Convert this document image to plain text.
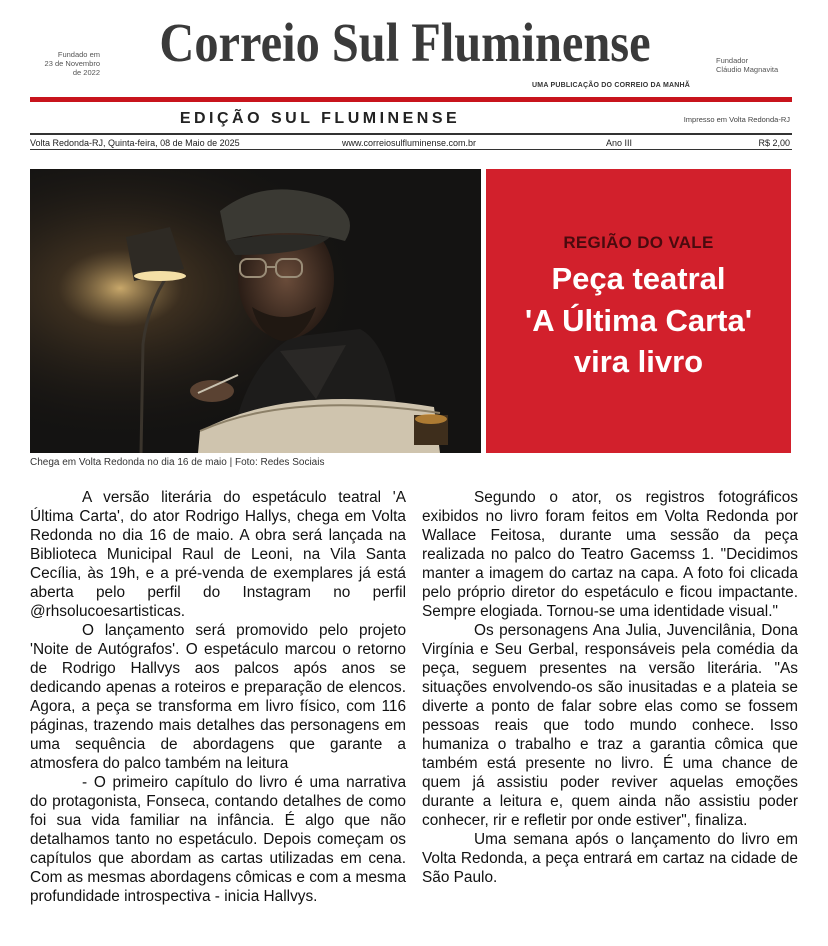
Fundado em
23 de Novembro
de 2022	Correio Sul Fluminense
UMA PUBLICAÇÃO DO CORREIO DA MANHÃ
Fundador
Cláudio Magnavita
EDIÇÃO SUL FLUMINENSE	Impresso em Volta Redonda-RJ
Volta Redonda-RJ, Quinta-feira, 08 de Maio de 2025	www.correiosulfluminense.com.br	Ano III	R$ 2,00
Chega em Volta Redonda no dia 16 de maio | Foto: Redes Sociais
REGIÃO DO VALE
Peça teatral
'A Última Carta'
vira livro

A versão literária do espetáculo teatral 'A Última Carta', do ator Rodrigo Hallys, chega em Volta Redonda no dia 16 de maio. A obra será lançada na Biblioteca Municipal Raul de Leoni, na Vila Santa Cecília, às 19h, e a pré-venda de exemplares já está aberta pelo perfil do Instagram no perfil @rhsolucoesartisticas.

O lançamento será promovido pelo projeto 'Noite de Autógrafos'. O espetáculo marcou o retorno de Rodrigo Hallvys aos palcos após anos se dedicando apenas a roteiros e preparação de elencos. Agora, a peça se transforma em livro físico, com 116 páginas, trazendo mais detalhes das personagens em uma sequência de abordagens que garante a atmosfera do palco também na leitura

- O primeiro capítulo do livro é uma narrativa do protagonista, Fonseca, contando detalhes de como foi sua vida familiar na infância. É algo que não detalhamos tanto no espetáculo. Depois começam os capítulos que abordam as cartas utilizadas em cena. Com as mesmas abordagens cômicas e com a mesma profundidade introspectiva - inicia Hallvys.

Segundo o ator, os registros fotográficos exibidos no livro foram feitos em Volta Redonda por Wallace Feitosa, durante uma sessão da peça realizada no palco do Teatro Gacemss 1. "Decidimos manter a imagem do cartaz na capa. A foto foi clicada pelo próprio diretor do espetáculo e ficou impactante. Sempre elogiada. Tornou-se uma identidade visual."

Os personagens Ana Julia, Juvencilânia, Dona Virgínia e Seu Gerbal, responsáveis pela comédia da peça, seguem presentes na versão literária. "As situações envolvendo-os são inusitadas e a plateia se diverte a ponto de falar sobre elas como se fossem pessoas reais que todo mundo conhece. Isso humaniza o trabalho e traz a garantia cômica que também está presente no livro. É uma chance de quem já assistiu poder reviver aquelas emoções durante a leitura e, quem ainda não assistiu poder conhecer, rir e refletir por onde estiver", finaliza.

Uma semana após o lançamento do livro em Volta Redonda, a peça entrará em cartaz na cidade de São Paulo.
